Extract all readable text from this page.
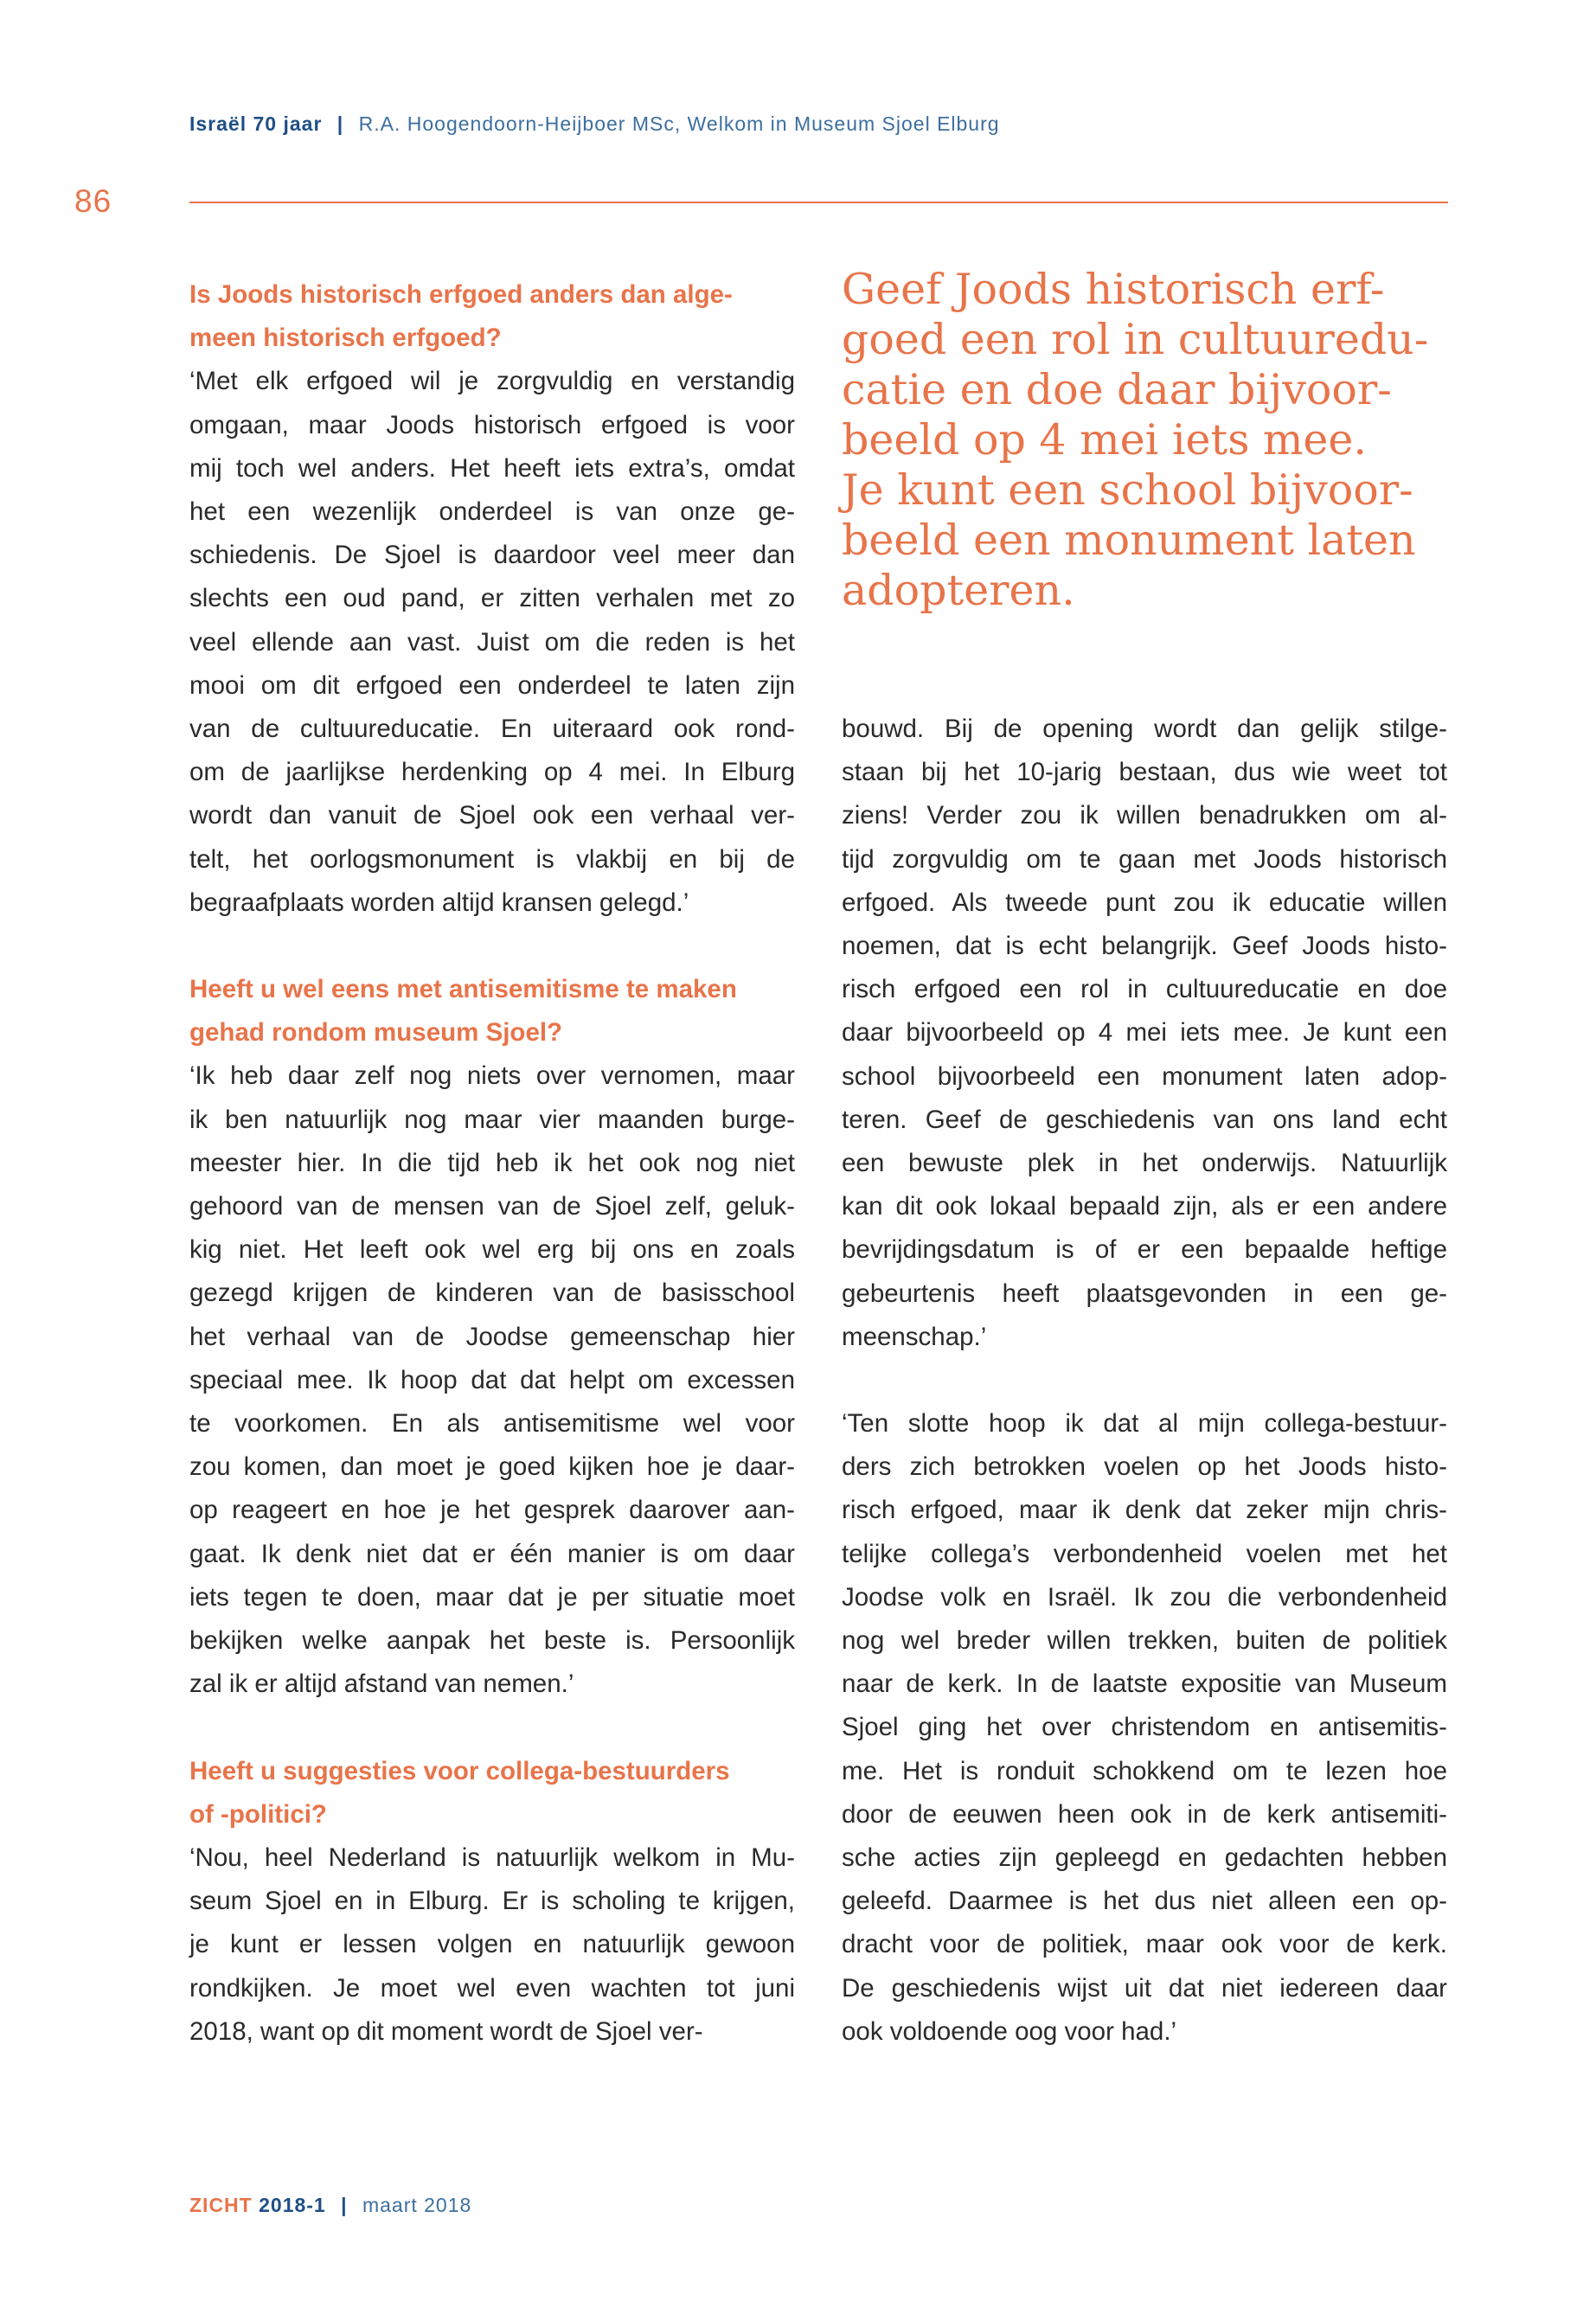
Israël 70 jaar | R.A. Hoogendoorn-Heijboer MSc, Welkom in Museum Sjoel Elburg
86

Is Joods historisch erfgoed anders dan alge-

meen historisch erfgoed?

‘Met elk erfgoed wil je zorgvuldig en verstandig

omgaan, maar Joods historisch erfgoed is voor

mij toch wel anders. Het heeft iets extra’s, omdat

het een wezenlijk onderdeel is van onze ge-

schiedenis. De Sjoel is daardoor veel meer dan

slechts een oud pand, er zitten verhalen met zo

veel ellende aan vast. Juist om die reden is het

mooi om dit erfgoed een onderdeel te laten zijn

van de cultuureducatie. En uiteraard ook rond-

om de jaarlijkse herdenking op 4 mei. In Elburg

wordt dan vanuit de Sjoel ook een verhaal ver-

telt, het oorlogsmonument is vlakbij en bij de

begraafplaats worden altijd kransen gelegd.’

Heeft u wel eens met antisemitisme te maken

gehad rondom museum Sjoel?

‘Ik heb daar zelf nog niets over vernomen, maar

ik ben natuurlijk nog maar vier maanden burge-

meester hier. In die tijd heb ik het ook nog niet

gehoord van de mensen van de Sjoel zelf, geluk-

kig niet. Het leeft ook wel erg bij ons en zoals

gezegd krijgen de kinderen van de basisschool

het verhaal van de Joodse gemeenschap hier

speciaal mee. Ik hoop dat dat helpt om excessen

te voorkomen. En als antisemitisme wel voor

zou komen, dan moet je goed kijken hoe je daar-

op reageert en hoe je het gesprek daarover aan-

gaat. Ik denk niet dat er één manier is om daar

iets tegen te doen, maar dat je per situatie moet

bekijken welke aanpak het beste is. Persoonlijk

zal ik er altijd afstand van nemen.’

Heeft u suggesties voor collega-bestuurders

of -politici?

‘Nou, heel Nederland is natuurlijk welkom in Mu-

seum Sjoel en in Elburg. Er is scholing te krijgen,

je kunt er lessen volgen en natuurlijk gewoon

rondkijken. Je moet wel even wachten tot juni

2018, want op dit moment wordt de Sjoel ver-

Geef Joods historisch erf-

goed een rol in cultuuredu-

catie en doe daar bijvoor-

beeld op 4 mei iets mee.

Je kunt een school bijvoor-

beeld een monument laten

adopteren.

bouwd. Bij de opening wordt dan gelijk stilge-

staan bij het 10-jarig bestaan, dus wie weet tot

ziens! Verder zou ik willen benadrukken om al-

tijd zorgvuldig om te gaan met Joods historisch

erfgoed. Als tweede punt zou ik educatie willen

noemen, dat is echt belangrijk. Geef Joods histo-

risch erfgoed een rol in cultuureducatie en doe

daar bijvoorbeeld op 4 mei iets mee. Je kunt een

school bijvoorbeeld een monument laten adop-

teren. Geef de geschiedenis van ons land echt

een bewuste plek in het onderwijs. Natuurlijk

kan dit ook lokaal bepaald zijn, als er een andere

bevrijdingsdatum is of er een bepaalde heftige

gebeurtenis heeft plaatsgevonden in een ge-

meenschap.’

‘Ten slotte hoop ik dat al mijn collega-bestuur-

ders zich betrokken voelen op het Joods histo-

risch erfgoed, maar ik denk dat zeker mijn chris-

telijke collega’s verbondenheid voelen met het

Joodse volk en Israël. Ik zou die verbondenheid

nog wel breder willen trekken, buiten de politiek

naar de kerk. In de laatste expositie van Museum

Sjoel ging het over christendom en antisemitis-

me. Het is ronduit schokkend om te lezen hoe

door de eeuwen heen ook in de kerk antisemiti-

sche acties zijn gepleegd en gedachten hebben

geleefd. Daarmee is het dus niet alleen een op-

dracht voor de politiek, maar ook voor de kerk.

De geschiedenis wijst uit dat niet iedereen daar

ook voldoende oog voor had.’

ZICHT 2018-1 | maart 2018
